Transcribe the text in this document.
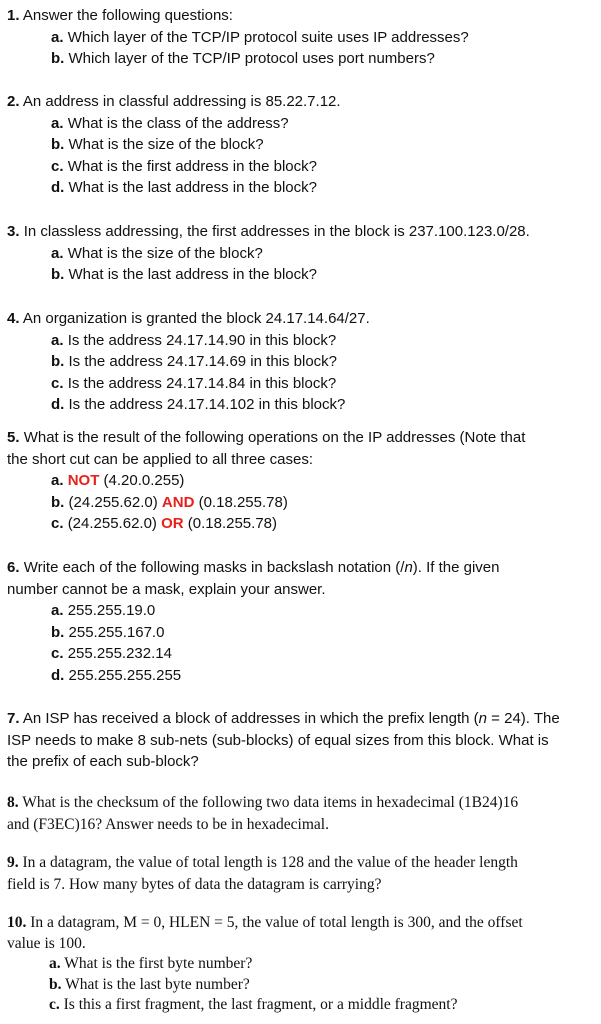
1. Answer the following questions:

a. Which layer of the TCP/IP protocol suite uses IP addresses?

b. Which layer of the TCP/IP protocol uses port numbers?

2. An address in classful addressing is 85.22.7.12.

a. What is the class of the address?

b. What is the size of the block?

c. What is the first address in the block?

d. What is the last address in the block?

3. In classless addressing, the first addresses in the block is 237.100.123.0/28.

a. What is the size of the block?

b. What is the last address in the block?

4. An organization is granted the block 24.17.14.64/27.

a. Is the address 24.17.14.90 in this block?

b. Is the address 24.17.14.69 in this block?

c. Is the address 24.17.14.84 in this block?

d. Is the address 24.17.14.102 in this block?

5. What is the result of the following operations on the IP addresses (Note that

the short cut can be applied to all three cases:

a. NOT (4.20.0.255)

b. (24.255.62.0) AND (0.18.255.78)

c. (24.255.62.0) OR (0.18.255.78)

6. Write each of the following masks in backslash notation (/n). If the given

number cannot be a mask, explain your answer.

a. 255.255.19.0

b. 255.255.167.0

c. 255.255.232.14

d. 255.255.255.255

7. An ISP has received a block of addresses in which the prefix length (n = 24). The

ISP needs to make 8 sub-nets (sub-blocks) of equal sizes from this block. What is

the prefix of each sub-block?

8. What is the checksum of the following two data items in hexadecimal (1B24)16

and (F3EC)16? Answer needs to be in hexadecimal.

9. In a datagram, the value of total length is 128 and the value of the header length

field is 7. How many bytes of data the datagram is carrying?

10. In a datagram, M = 0, HLEN = 5, the value of total length is 300, and the offset

value is 100.

a. What is the first byte number?

b. What is the last byte number?

c. Is this a first fragment, the last fragment, or a middle fragment?
